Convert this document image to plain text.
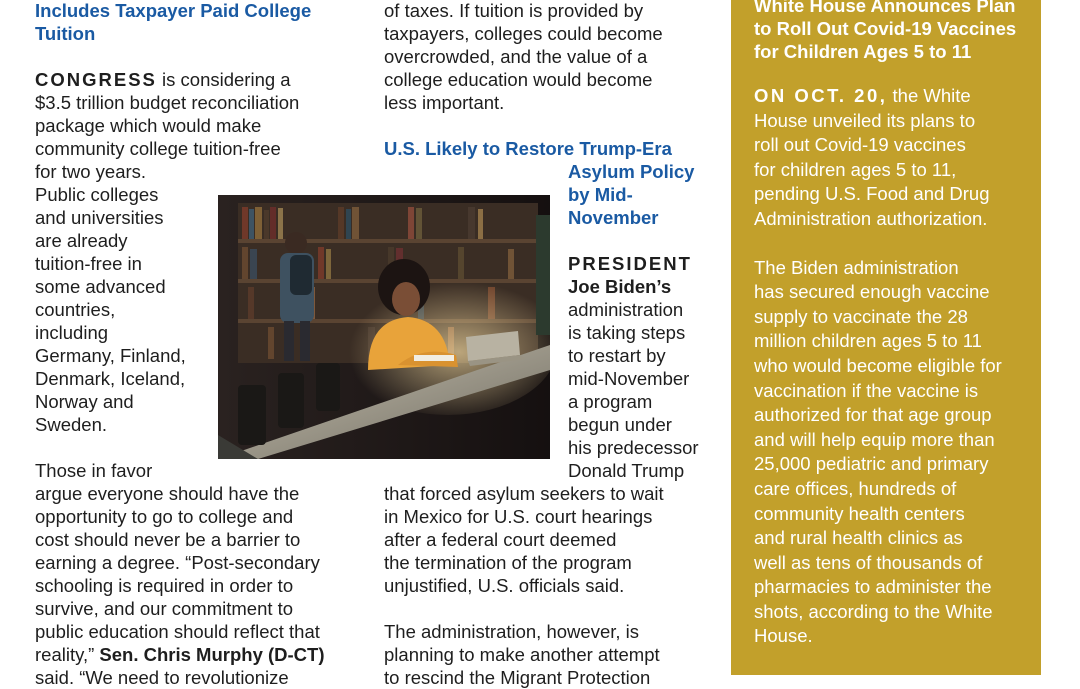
Includes Taxpayer Paid College
Tuition
CONGRESS is considering a
$3.5 trillion budget reconciliation
package which would make
community college tuition-free
for two years.
Public colleges
and universities
are already
tuition-free in
some advanced
countries,
including
Germany, Finland,
Denmark, Iceland,
Norway and
Sweden.
Those in favor
argue everyone should have the
opportunity to go to college and
cost should never be a barrier to
earning a degree. “Post-secondary
schooling is required in order to
survive, and our commitment to
public education should reflect that
reality,” Sen. Chris Murphy (D-CT)
said. “We need to revolutionize
of taxes. If tuition is provided by
taxpayers, colleges could become
overcrowded, and the value of a
college education would become
less important.
U.S. Likely to Restore Trump-Era
Asylum Policy
by Mid-
November
PRESIDENT
Joe Biden’s
administration
is taking steps
to restart by
mid-November
a program
begun under
his predecessor
Donald Trump
that forced asylum seekers to wait
in Mexico for U.S. court hearings
after a federal court deemed
the termination of the program
unjustified, U.S. officials said.
The administration, however, is
planning to make another attempt
to rescind the Migrant Protection
White House Announces Plan
to Roll Out Covid-19 Vaccines
for Children Ages 5 to 11
ON OCT. 20, the White
House unveiled its plans to
roll out Covid-19 vaccines
for children ages 5 to 11,
pending U.S. Food and Drug
Administration authorization.
The Biden administration
has secured enough vaccine
supply to vaccinate the 28
million children ages 5 to 11
who would become eligible for
vaccination if the vaccine is
authorized for that age group
and will help equip more than
25,000 pediatric and primary
care offices, hundreds of
community health centers
and rural health clinics as
well as tens of thousands of
pharmacies to administer the
shots, according to the White
House.
